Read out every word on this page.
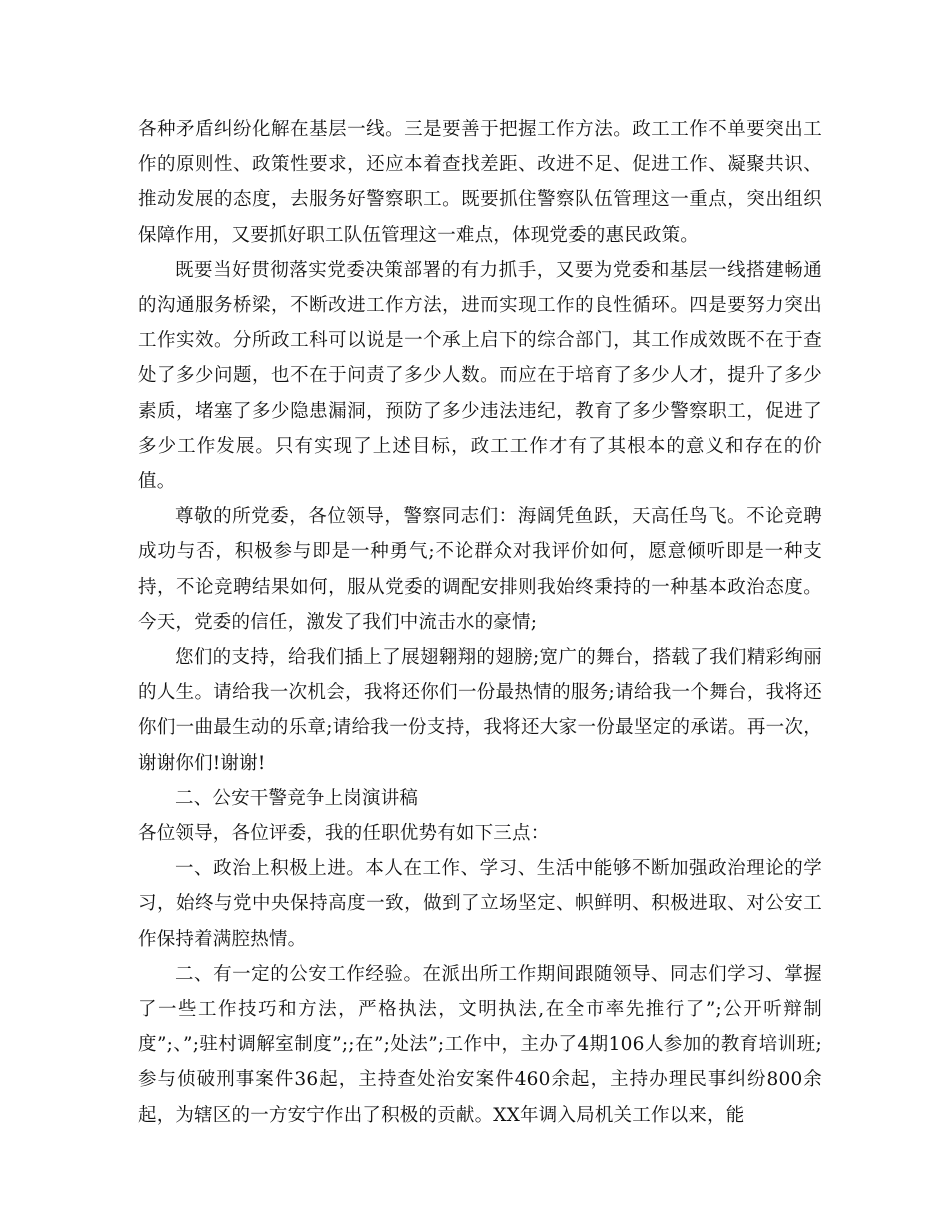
各种矛盾纠纷化解在基层一线。三是要善于把握工作方法。政工工作不单要突出工作的原则性、政策性要求，还应本着查找差距、改进不足、促进工作、凝聚共识、推动发展的态度，去服务好警察职工。既要抓住警察队伍管理这一重点，突出组织保障作用，又要抓好职工队伍管理这一难点，体现党委的惠民政策。

既要当好贯彻落实党委决策部署的有力抓手，又要为党委和基层一线搭建畅通的沟通服务桥梁，不断改进工作方法，进而实现工作的良性循环。四是要努力突出工作实效。分所政工科可以说是一个承上启下的综合部门，其工作成效既不在于查处了多少问题，也不在于问责了多少人数。而应在于培育了多少人才，提升了多少素质，堵塞了多少隐患漏洞，预防了多少违法违纪，教育了多少警察职工，促进了多少工作发展。只有实现了上述目标，政工工作才有了其根本的意义和存在的价值。

尊敬的所党委，各位领导，警察同志们：海阔凭鱼跃，天高任鸟飞。不论竞聘成功与否，积极参与即是一种勇气;不论群众对我评价如何，愿意倾听即是一种支持，不论竞聘结果如何，服从党委的调配安排则我始终秉持的一种基本政治态度。今天，党委的信任，激发了我们中流击水的豪情;

您们的支持，给我们插上了展翅翱翔的翅膀;宽广的舞台，搭载了我们精彩绚丽的人生。请给我一次机会，我将还你们一份最热情的服务;请给我一个舞台，我将还你们一曲最生动的乐章;请给我一份支持，我将还大家一份最坚定的承诺。再一次，谢谢你们!谢谢!

二、公安干警竞争上岗演讲稿

各位领导，各位评委，我的任职优势有如下三点：

一、政治上积极上进。本人在工作、学习、生活中能够不断加强政治理论的学习，始终与党中央保持高度一致，做到了立场坚定、帜鲜明、积极进取、对公安工作保持着满腔热情。

二、有一定的公安工作经验。在派出所工作期间跟随领导、同志们学习、掌握了一些工作技巧和方法，严格执法，文明执法,在全市率先推行了”;公开听辩制度”;、”;驻村调解室制度”;;在”;处法”;工作中，主办了4期106人参加的教育培训班;参与侦破刑事案件36起，主持查处治安案件460余起，主持办理民事纠纷800余起，为辖区的一方安宁作出了积极的贡献。XX年调入局机关工作以来，能
